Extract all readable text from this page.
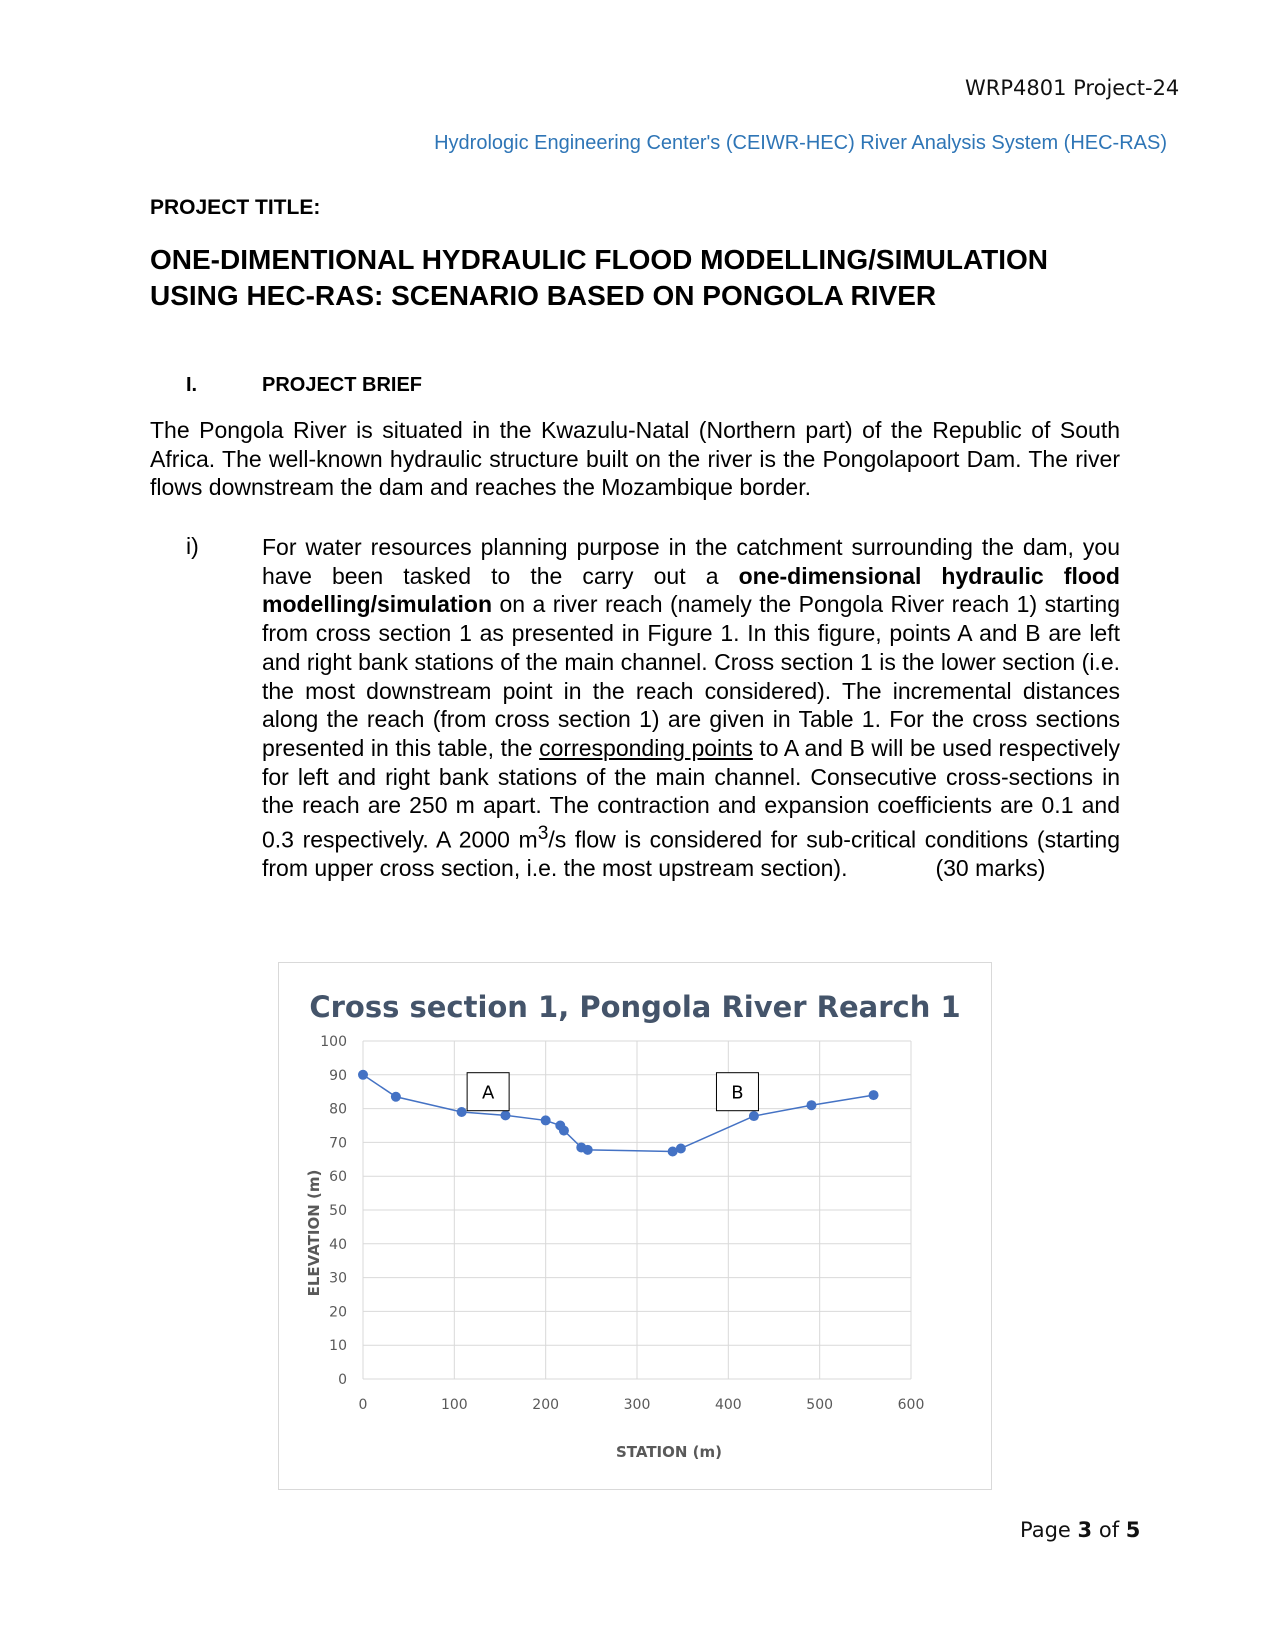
WRP4801 Project-24
Hydrologic Engineering Center's (CEIWR-HEC) River Analysis System (HEC-RAS)
PROJECT TITLE:
ONE-DIMENTIONAL HYDRAULIC FLOOD MODELLING/SIMULATION
USING HEC-RAS: SCENARIO BASED ON PONGOLA RIVER
I.	PROJECT BRIEF

The Pongola River is situated in the Kwazulu-Natal (Northern part) of the Republic of South Africa. The well-known hydraulic structure built on the river is the Pongolapoort Dam. The river flows downstream the dam and reaches the Mozambique border.

i)	For water resources planning purpose in the catchment surrounding the dam, you have been tasked to the carry out a one-dimensional hydraulic flood modelling/simulation on a river reach (namely the Pongola River reach 1) starting from cross section 1 as presented in Figure 1. In this figure, points A and B are left and right bank stations of the main channel. Cross section 1 is the lower section (i.e. the most downstream point in the reach considered). The incremental distances along the reach (from cross section 1) are given in Table 1. For the cross sections presented in this table, the corresponding points to A and B will be used respectively for left and right bank stations of the main channel. Consecutive cross-sections in the reach are 250 m apart. The contraction and expansion coefficients are 0.1 and 0.3 respectively. A 2000 $m^3/s$ flow is considered for sub-critical conditions (starting from upper cross section, i.e. the most upstream section).	(30 marks)

Cross section 1, Pongola River Rearch 1
0
10
20
30
40
50
60
70
80
90
100
0	100	200	300	400	500	600
ELEVATION (m)
STATION (m)
A	B
Page 3 of 5
